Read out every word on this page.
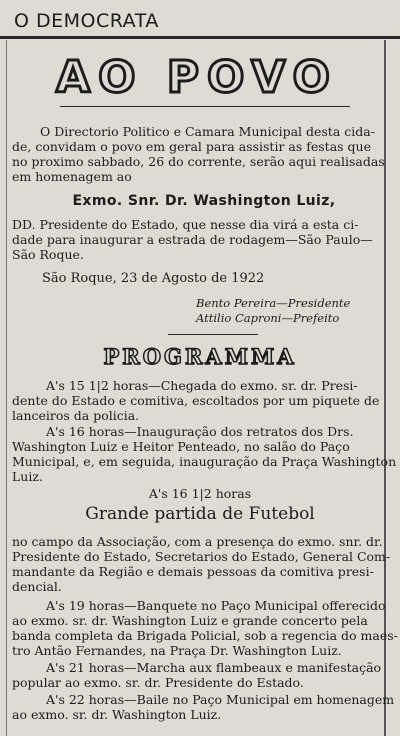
O DEMOCRATA
AO POVO
O Directorio Politico e Camara Municipal desta cida-
de, convidam o povo em geral para assistir as festas que
no proximo sabbado, 26 do corrente, serão aqui realisadas
em homenagem ao
Exmo. Snr. Dr. Washington Luiz,
DD. Presidente do Estado, que nesse dia virá a esta ci-
dade para inaugurar a estrada de rodagem—São Paulo—
São Roque.
São Roque, 23 de Agosto de 1922
Bento Pereira—Presidente
Attilio Caproni—Prefeito
PROGRAMMA
A's 15 1|2 horas—Chegada do exmo. sr. dr. Presi-
dente do Estado e comitiva, escoltados por um piquete de
lanceiros da policia.
A's 16 horas—Inauguração dos retratos dos Drs.
Washington Luiz e Heitor Penteado, no salão do Paço
Municipal, e, em seguida, inauguração da Praça Washington
Luiz.
A's 16 1|2 horas
Grande partida de Futebol
no campo da Associação, com a presença do exmo. snr. dr.
Presidente do Estado, Secretarios do Estado, General Com-
mandante da Região e demais pessoas da comitiva presi-
dencial.
A's 19 horas—Banquete no Paço Municipal offerecido
ao exmo. sr. dr. Washington Luiz e grande concerto pela
banda completa da Brigada Policial, sob a regencia do maes-
tro Antão Fernandes, na Praça Dr. Washington Luiz.
A's 21 horas—Marcha aux flambeaux e manifestação
popular ao exmo. sr. dr. Presidente do Estado.
A's 22 horas—Baile no Paço Municipal em homenagem
ao exmo. sr. dr. Washington Luiz.
